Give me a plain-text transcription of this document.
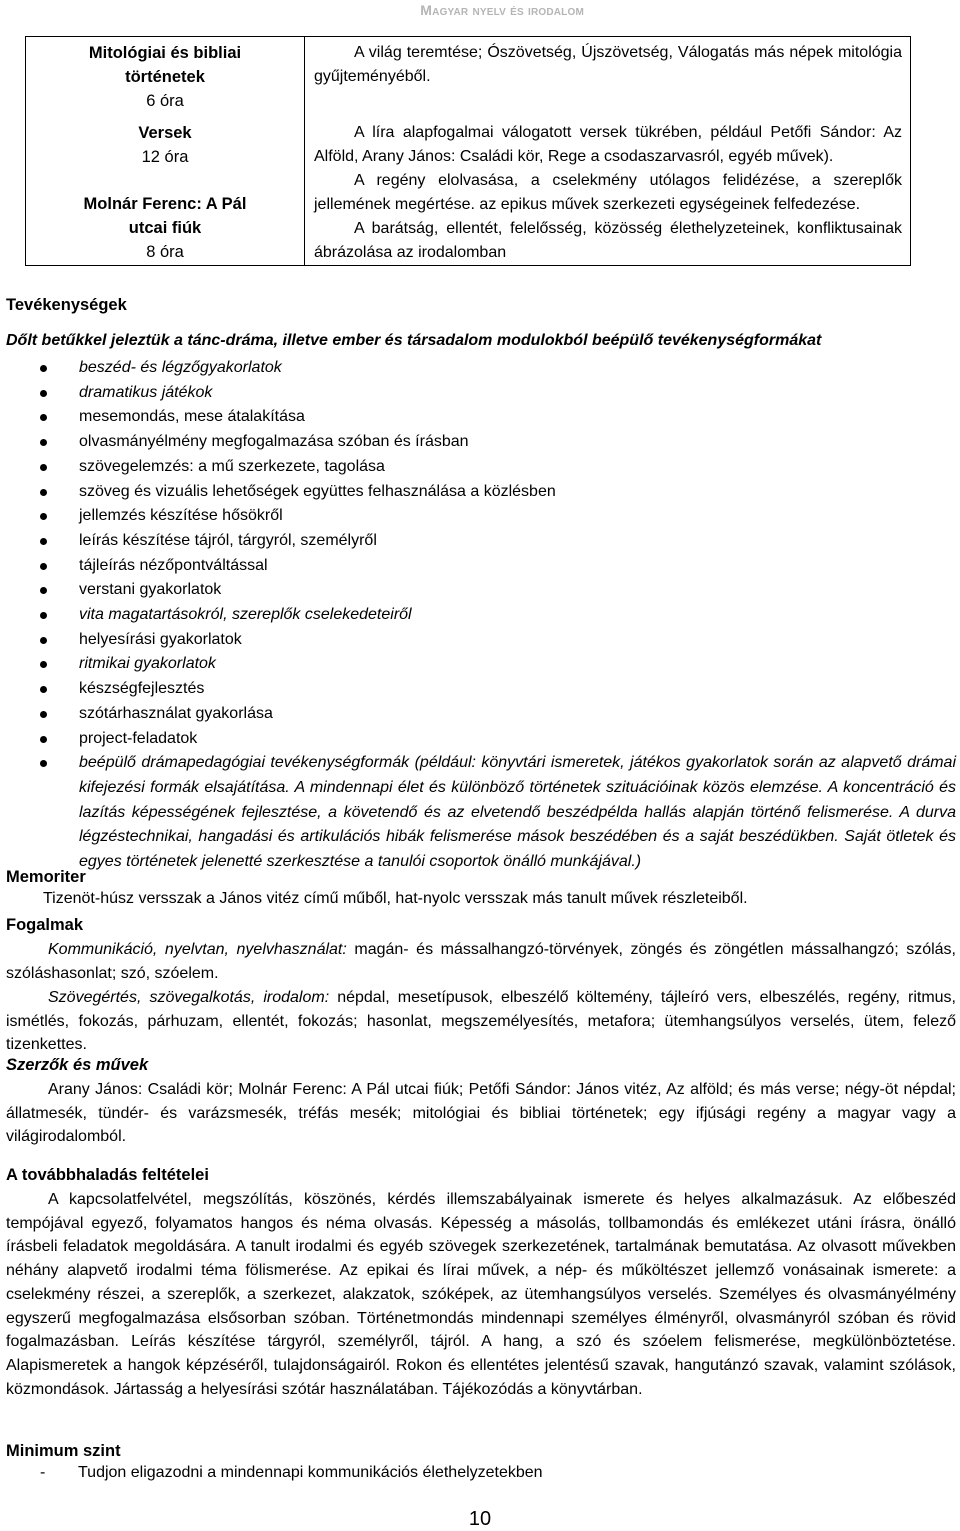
Magyar nyelv és irodalom
Mitológiai és bibliai
történetek
6 óra
A világ teremtése; Ószövetség, Újszövetség, Válogatás más népek mitológia gyűjteményéből.
Versek
12 óra
A líra alapfogalmai válogatott versek tükrében, például Petőfi Sándor: Az Alföld, Arany János: Családi kör, Rege a csodaszarvasról, egyéb művek).
Molnár Ferenc: A Pál
utcai fiúk
8 óra
A regény elolvasása, a cselekmény utólagos felidézése, a szereplők jellemének megértése. az epikus művek szerkezeti egységeinek felfedezése.
A barátság, ellentét, felelősség, közösség élethelyzeteinek, konfliktusainak ábrázolása az irodalomban
Tevékenységek
Dőlt betűkkel jeleztük a tánc-dráma, illetve ember és társadalom modulokból beépülő tevékenységformákat
beszéd- és légzőgyakorlatok
dramatikus játékok
mesemondás, mese átalakítása
olvasmányélmény megfogalmazása szóban és írásban
szövegelemzés: a mű szerkezete, tagolása
szöveg és vizuális lehetőségek együttes felhasználása a közlésben
jellemzés készítése hősökről
leírás készítése tájról, tárgyról, személyről
tájleírás nézőpontváltással
verstani gyakorlatok
vita magatartásokról, szereplők cselekedeteiről
helyesírási gyakorlatok
ritmikai gyakorlatok
készségfejlesztés
szótárhasználat gyakorlása
project-feladatok
beépülő drámapedagógiai tevékenységformák (például: könyvtári ismeretek, játékos gyakorlatok során az alapvető drámai kifejezési formák elsajátítása. A mindennapi élet és különböző történetek szituációinak közös elemzése. A koncentráció és lazítás képességének fejlesztése, a követendő és az elvetendő beszédpélda hallás alapján történő felismerése. A durva légzéstechnikai, hangadási és artikulációs hibák felismerése mások beszédében és a saját beszédükben. Saját ötletek és egyes történetek jelenetté szerkesztése a tanulói csoportok önálló munkájával.)
Memoriter
Tizenöt-húsz versszak a János vitéz című műből, hat-nyolc versszak más tanult művek részleteiből.
Fogalmak
Kommunikáció, nyelvtan, nyelvhasználat: magán- és mássalhangzó-törvények, zöngés és zöngétlen mássalhangzó; szólás, szóláshasonlat; szó, szóelem.
Szövegértés, szövegalkotás, irodalom: népdal, mesetípusok, elbeszélő költemény, tájleíró vers, elbeszélés, regény, ritmus, ismétlés, fokozás, párhuzam, ellentét, fokozás; hasonlat, megszemélyesítés, metafora; ütemhangsúlyos verselés, ütem, felező tizenkettes.
Szerzők és művek
Arany János: Családi kör; Molnár Ferenc: A Pál utcai fiúk; Petőfi Sándor: János vitéz, Az alföld; és más verse; négy-öt népdal; állatmesék, tündér- és varázsmesék, tréfás mesék; mitológiai és bibliai történetek; egy ifjúsági regény a magyar vagy a világirodalomból.
A továbbhaladás feltételei
A kapcsolatfelvétel, megszólítás, köszönés, kérdés illemszabályainak ismerete és helyes alkalmazásuk. Az előbeszéd tempójával egyező, folyamatos hangos és néma olvasás. Képesség a másolás, tollbamondás és emlékezet utáni írásra, önálló írásbeli feladatok megoldására. A tanult irodalmi és egyéb szövegek szerkezetének, tartalmának bemutatása. Az olvasott művekben néhány alapvető irodalmi téma fölismerése. Az epikai és lírai művek, a nép- és műköltészet jellemző vonásainak ismerete: a cselekmény részei, a szereplők, a szerkezet, alakzatok, szóképek, az ütemhangsúlyos verselés. Személyes és olvasmányélmény egyszerű megfogalmazása elsősorban szóban. Történetmondás mindennapi személyes élményről, olvasmányról szóban és rövid fogalmazásban. Leírás készítése tárgyról, személyről, tájról. A hang, a szó és szóelem felismerése, megkülönböztetése. Alapismeretek a hangok képzéséről, tulajdonságairól. Rokon és ellentétes jelentésű szavak, hangutánzó szavak, valamint szólások, közmondások. Jártasság a helyesírási szótár használatában. Tájékozódás a könyvtárban.
Minimum szint
- Tudjon eligazodni a mindennapi kommunikációs élethelyzetekben
10
